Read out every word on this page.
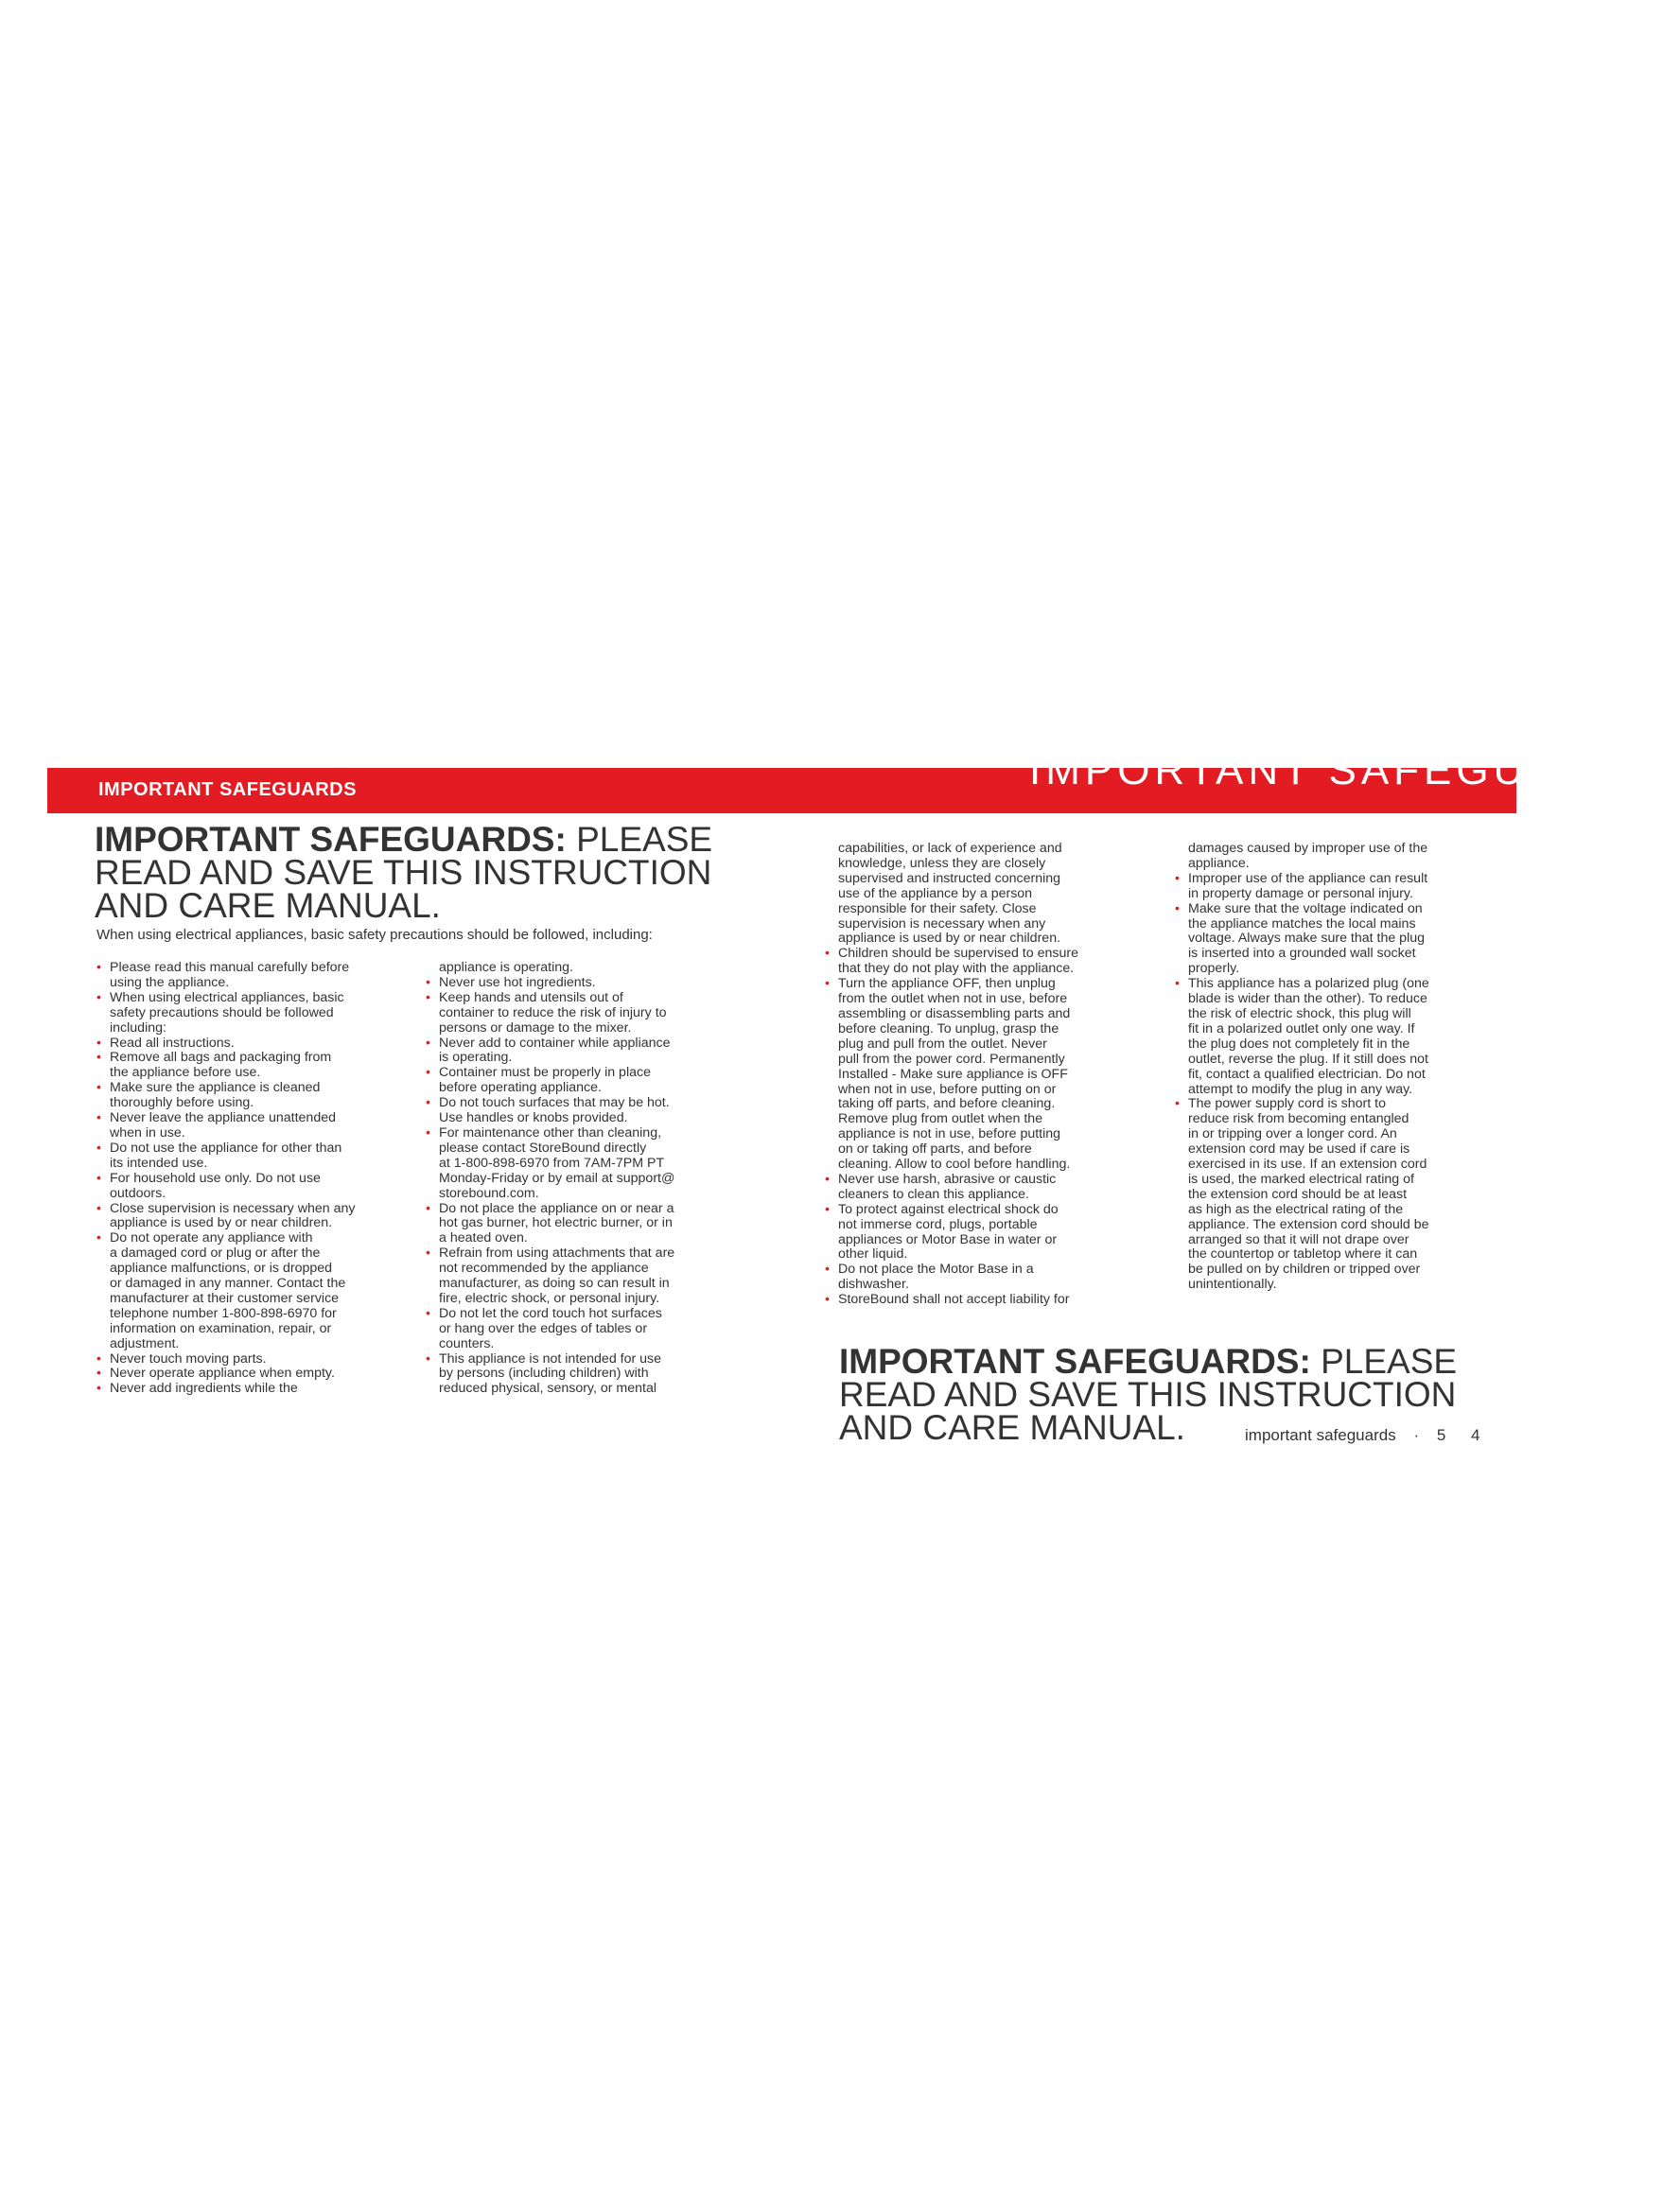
IMPORTANT SAFEGUARDS	IMPORTANT SAFEGUARDS
IMPORTANT SAFEGUARDS: PLEASE
READ AND SAVE THIS INSTRUCTION
AND CARE MANUAL.
When using electrical appliances, basic safety precautions should be followed, including:
• Please read this manual carefully before
using the appliance.
• When using electrical appliances, basic
safety precautions should be followed
including:
• Read all instructions.
• Remove all bags and packaging from
the appliance before use.
• Make sure the appliance is cleaned
thoroughly before using.
• Never leave the appliance unattended
when in use.
• Do not use the appliance for other than
its intended use.
• For household use only. Do not use
outdoors.
• Close supervision is necessary when any
appliance is used by or near children.
• Do not operate any appliance with
a damaged cord or plug or after the
appliance malfunctions, or is dropped
or damaged in any manner. Contact the
manufacturer at their customer service
telephone number 1-800-898-6970 for
information on examination, repair, or
adjustment.
• Never touch moving parts.
• Never operate appliance when empty.
• Never add ingredients while the
appliance is operating.
• Never use hot ingredients.
• Keep hands and utensils out of
container to reduce the risk of injury to
persons or damage to the mixer.
• Never add to container while appliance
is operating.
• Container must be properly in place
before operating appliance.
• Do not touch surfaces that may be hot.
Use handles or knobs provided.
• For maintenance other than cleaning,
please contact StoreBound directly
at 1-800-898-6970 from 7AM-7PM PT
Monday-Friday or by email at support@
storebound.com.
• Do not place the appliance on or near a
hot gas burner, hot electric burner, or in
a heated oven.
• Refrain from using attachments that are
not recommended by the appliance
manufacturer, as doing so can result in
fire, electric shock, or personal injury.
• Do not let the cord touch hot surfaces
or hang over the edges of tables or
counters.
• This appliance is not intended for use
by persons (including children) with
reduced physical, sensory, or mental
capabilities, or lack of experience and
knowledge, unless they are closely
supervised and instructed concerning
use of the appliance by a person
responsible for their safety. Close
supervision is necessary when any
appliance is used by or near children.
• Children should be supervised to ensure
that they do not play with the appliance.
• Turn the appliance OFF, then unplug
from the outlet when not in use, before
assembling or disassembling parts and
before cleaning. To unplug, grasp the
plug and pull from the outlet. Never
pull from the power cord. Permanently
Installed - Make sure appliance is OFF
when not in use, before putting on or
taking off parts, and before cleaning.
Remove plug from outlet when the
appliance is not in use, before putting
on or taking off parts, and before
cleaning. Allow to cool before handling.
• Never use harsh, abrasive or caustic
cleaners to clean this appliance.
• To protect against electrical shock do
not immerse cord, plugs, portable
appliances or Motor Base in water or
other liquid.
• Do not place the Motor Base in a
dishwasher.
• StoreBound shall not accept liability for
damages caused by improper use of the
appliance.
• Improper use of the appliance can result
in property damage or personal injury.
• Make sure that the voltage indicated on
the appliance matches the local mains
voltage. Always make sure that the plug
is inserted into a grounded wall socket
properly.
• This appliance has a polarized plug (one
blade is wider than the other). To reduce
the risk of electric shock, this plug will
fit in a polarized outlet only one way. If
the plug does not completely fit in the
outlet, reverse the plug. If it still does not
fit, contact a qualified electrician. Do not
attempt to modify the plug in any way.
• The power supply cord is short to
reduce risk from becoming entangled
in or tripping over a longer cord. An
extension cord may be used if care is
exercised in its use. If an extension cord
is used, the marked electrical rating of
the extension cord should be at least
as high as the electrical rating of the
appliance. The extension cord should be
arranged so that it will not drape over
the countertop or tabletop where it can
be pulled on by children or tripped over
unintentionally.
IMPORTANT SAFEGUARDS: PLEASE
READ AND SAVE THIS INSTRUCTION
AND CARE MANUAL.	important safeguards · 5 4
